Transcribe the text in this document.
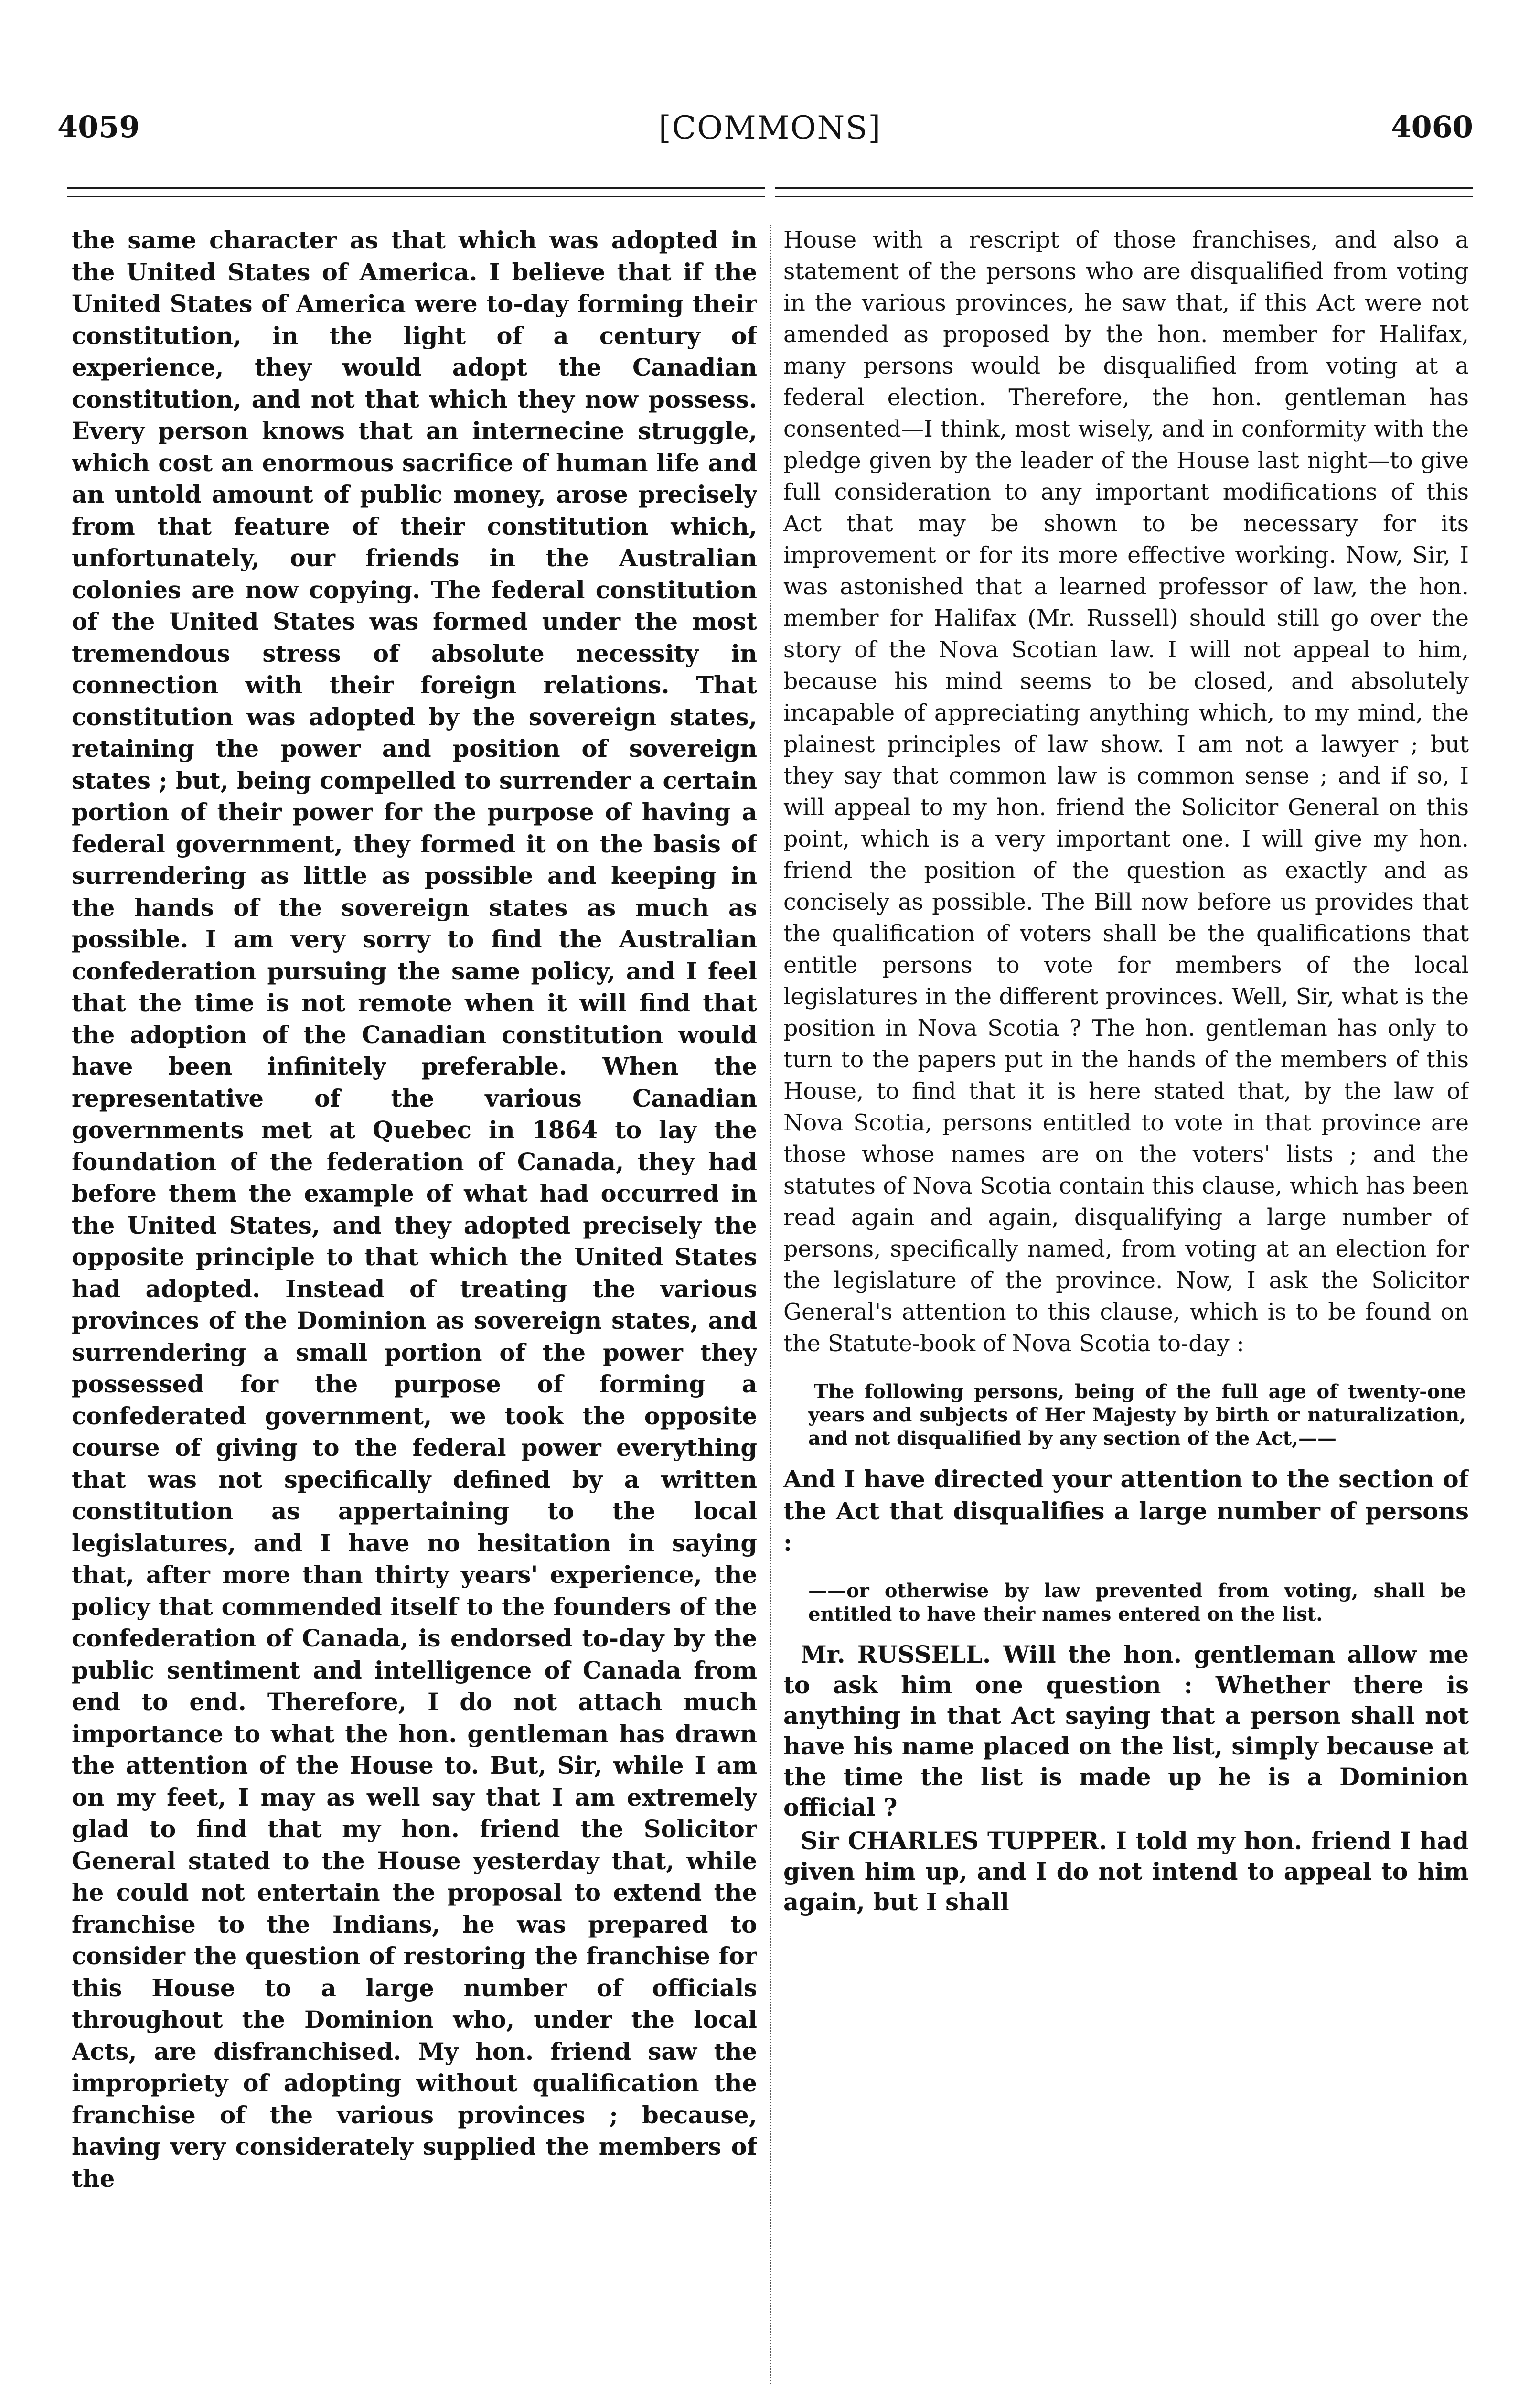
[COMMONS]
4059	4060

the same character as that which was adopted in the United States of America. I believe that if the United States of America were to-day forming their constitution, in the light of a century of experience, they would adopt the Canadian constitution, and not that which they now possess. Every person knows that an internecine struggle, which cost an enormous sacrifice of human life and an untold amount of public money, arose precisely from that feature of their constitution which, unfortunately, our friends in the Australian colonies are now copying. The federal constitution of the United States was formed under the most tremendous stress of absolute necessity in connection with their foreign relations. That constitution was adopted by the sovereign states, retaining the power and position of sovereign states ; but, being compelled to surrender a certain portion of their power for the purpose of having a federal government, they formed it on the basis of surrendering as little as possible and keeping in the hands of the sovereign states as much as possible. I am very sorry to find the Australian confederation pursuing the same policy, and I feel that the time is not remote when it will find that the adoption of the Canadian constitution would have been infinitely preferable. When the representative of the various Canadian governments met at Quebec in 1864 to lay the foundation of the federation of Canada, they had before them the example of what had occurred in the United States, and they adopted precisely the opposite principle to that which the United States had adopted. Instead of treating the various provinces of the Dominion as sovereign states, and surrendering a small portion of the power they possessed for the purpose of forming a confederated government, we took the opposite course of giving to the federal power everything that was not specifically defined by a written constitution as appertaining to the local legislatures, and I have no hesitation in saying that, after more than thirty years' experience, the policy that commended itself to the founders of the confederation of Canada, is endorsed to-day by the public sentiment and intelligence of Canada from end to end. Therefore, I do not attach much importance to what the hon. gentleman has drawn the attention of the House to. But, Sir, while I am on my feet, I may as well say that I am extremely glad to find that my hon. friend the Solicitor General stated to the House yesterday that, while he could not entertain the proposal to extend the franchise to the Indians, he was prepared to consider the question of restoring the franchise for this House to a large number of officials throughout the Dominion who, under the local Acts, are disfranchised. My hon. friend saw the impropriety of adopting without qualification the franchise of the various provinces ; because, having very considerately supplied the members of the

House with a rescript of those franchises, and also a statement of the persons who are disqualified from voting in the various provinces, he saw that, if this Act were not amended as proposed by the hon. member for Halifax, many persons would be disqualified from voting at a federal election. Therefore, the hon. gentleman has consented—I think, most wisely, and in conformity with the pledge given by the leader of the House last night—to give full consideration to any important modifications of this Act that may be shown to be necessary for its improvement or for its more effective working. Now, Sir, I was astonished that a learned professor of law, the hon. member for Halifax (Mr. Russell) should still go over the story of the Nova Scotian law. I will not appeal to him, because his mind seems to be closed, and absolutely incapable of appreciating anything which, to my mind, the plainest principles of law show. I am not a lawyer ; but they say that common law is common sense ; and if so, I will appeal to my hon. friend the Solicitor General on this point, which is a very important one. I will give my hon. friend the position of the question as exactly and as concisely as possible. The Bill now before us provides that the qualification of voters shall be the qualifications that entitle persons to vote for members of the local legislatures in the different provinces. Well, Sir, what is the position in Nova Scotia ? The hon. gentleman has only to turn to the papers put in the hands of the members of this House, to find that it is here stated that, by the law of Nova Scotia, persons entitled to vote in that province are those whose names are on the voters' lists ; and the statutes of Nova Scotia contain this clause, which has been read again and again, disqualifying a large number of persons, specifically named, from voting at an election for the legislature of the province. Now, I ask the Solicitor General's attention to this clause, which is to be found on the Statute-book of Nova Scotia to-day :

The following persons, being of the full age of twenty-one years and subjects of Her Majesty by birth or naturalization, and not disqualified by any section of the Act,——

And I have directed your attention to the section of the Act that disqualifies a large number of persons :

——or otherwise by law prevented from voting, shall be entitled to have their names entered on the list.

Mr. RUSSELL. Will the hon. gentleman allow me to ask him one question : Whether there is anything in that Act saying that a person shall not have his name placed on the list, simply because at the time the list is made up he is a Dominion official ?

Sir CHARLES TUPPER. I told my hon. friend I had given him up, and I do not intend to appeal to him again, but I shall
